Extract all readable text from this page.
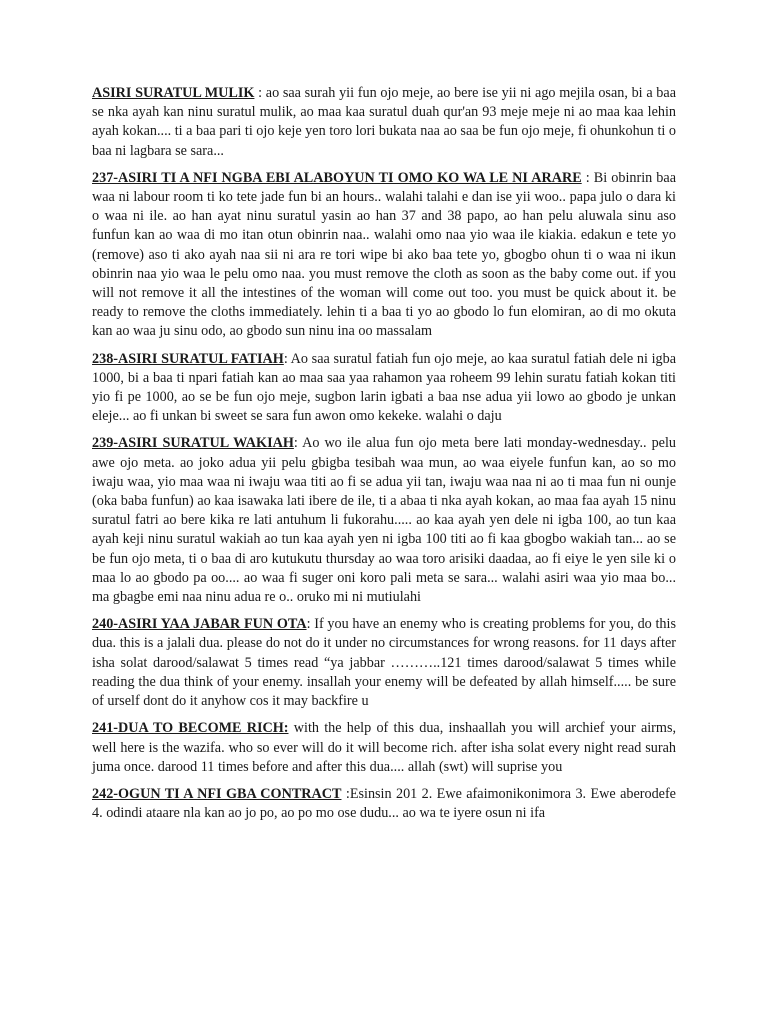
ASIRI SURATUL MULIK : ao saa surah yii fun ojo meje, ao bere ise yii ni ago mejila osan, bi a baa se nka ayah kan ninu suratul mulik, ao maa kaa suratul duah qur'an 93 meje meje ni ao maa kaa lehin ayah kokan.... ti a baa pari ti ojo keje yen toro lori bukata naa ao saa be fun ojo meje, fi ohunkohun ti o baa ni lagbara se sara...

237-ASIRI TI A NFI NGBA EBI ALABOYUN TI OMO KO WA LE NI ARARE : Bi obinrin baa waa ni labour room ti ko tete jade fun bi an hours.. walahi talahi e dan ise yii woo.. papa julo o dara ki o waa ni ile. ao han ayat ninu suratul yasin ao han 37 and 38 papo, ao han pelu aluwala sinu aso funfun kan ao waa di mo itan otun obinrin naa.. walahi omo naa yio waa ile kiakia. edakun e tete yo (remove) aso ti ako ayah naa sii ni ara re tori wipe bi ako baa tete yo, gbogbo ohun ti o waa ni ikun obinrin naa yio waa le pelu omo naa. you must remove the cloth as soon as the baby come out. if you will not remove it all the intestines of the woman will come out too. you must be quick about it. be ready to remove the cloths immediately. lehin ti a baa ti yo ao gbodo lo fun elomiran, ao di mo okuta kan ao waa ju sinu odo, ao gbodo sun ninu ina oo massalam

238-ASIRI SURATUL FATIAH: Ao saa suratul fatiah fun ojo meje, ao kaa suratul fatiah dele ni igba 1000, bi a baa ti npari fatiah kan ao maa saa yaa rahamon yaa roheem 99 lehin suratu fatiah kokan titi yio fi pe 1000, ao se be fun ojo meje, sugbon larin igbati a baa nse adua yii lowo ao gbodo je unkan eleje... ao fi unkan bi sweet se sara fun awon omo kekeke. walahi o daju

239-ASIRI SURATUL WAKIAH: Ao wo ile alua fun ojo meta bere lati monday-wednesday.. pelu awe ojo meta. ao joko adua yii pelu gbigba tesibah waa mun, ao waa eiyele funfun kan, ao so mo iwaju waa, yio maa waa ni iwaju waa titi ao fi se adua yii tan, iwaju waa naa ni ao ti maa fun ni ounje (oka baba funfun) ao kaa isawaka lati ibere de ile, ti a abaa ti nka ayah kokan, ao maa faa ayah 15 ninu suratul fatri ao bere kika re lati antuhum li fukorahu..... ao kaa ayah yen dele ni igba 100, ao tun kaa ayah keji ninu suratul wakiah ao tun kaa ayah yen ni igba 100 titi ao fi kaa gbogbo wakiah tan... ao se be fun ojo meta, ti o baa di aro kutukutu thursday ao waa toro arisiki daadaa, ao fi eiye le yen sile ki o maa lo ao gbodo pa oo.... ao waa fi suger oni koro pali meta se sara... walahi asiri waa yio maa bo... ma gbagbe emi naa ninu adua re o.. oruko mi ni mutiulahi

240-ASIRI YAA JABAR FUN OTA: If you have an enemy who is creating problems for you, do this dua. this is a jalali dua. please do not do it under no circumstances for wrong reasons. for 11 days after isha solat darood/salawat 5 times read “ya jabbar ………..121 times darood/salawat 5 times while reading the dua think of your enemy. insallah your enemy will be defeated by allah himself..... be sure of urself dont do it anyhow cos it may backfire u

241-DUA TO BECOME RICH: with the help of this dua, inshaallah you will archief your airms, well here is the wazifa. who so ever will do it will become rich. after isha solat every night read surah juma once. darood 11 times before and after this dua.... allah (swt) will suprise you

242-OGUN TI A NFI GBA CONTRACT :Esinsin 201 2. Ewe afaimonikonimora 3. Ewe aberodefe 4. odindi ataare nla kan ao jo po, ao po mo ose dudu... ao wa te iyere osun ni ifa
